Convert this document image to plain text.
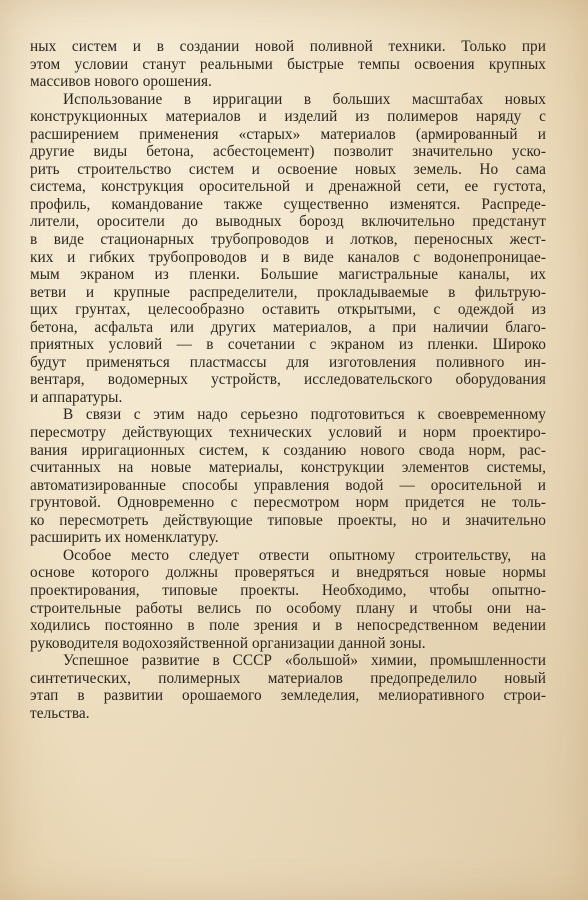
ных систем и в создании новой поливной техники. Только при
этом условии станут реальными быстрые темпы освоения крупных
массивов нового орошения.

Использование в ирригации в больших масштабах новых
конструкционных материалов и изделий из полимеров наряду с
расширением применения «старых» материалов (армированный и
другие виды бетона, асбестоцемент) позволит значительно уско-
рить строительство систем и освоение новых земель. Но сама
система, конструкция оросительной и дренажной сети, ее густота,
профиль, командование также существенно изменятся. Распреде-
лители, оросители до выводных борозд включительно предстанут
в виде стационарных трубопроводов и лотков, переносных жест-
ких и гибких трубопроводов и в виде каналов с водонепроницае-
мым экраном из пленки. Большие магистральные каналы, их
ветви и крупные распределители, прокладываемые в фильтрую-
щих грунтах, целесообразно оставить открытыми, с одеждой из
бетона, асфальта или других материалов, а при наличии благо-
приятных условий — в сочетании с экраном из пленки. Широко
будут применяться пластмассы для изготовления поливного ин-
вентаря, водомерных устройств, исследовательского оборудования
и аппаратуры.

В связи с этим надо серьезно подготовиться к своевременному
пересмотру действующих технических условий и норм проектиро-
вания ирригационных систем, к созданию нового свода норм, рас-
считанных на новые материалы, конструкции элементов системы,
автоматизированные способы управления водой — оросительной и
грунтовой. Одновременно с пересмотром норм придется не толь-
ко пересмотреть действующие типовые проекты, но и значительно
расширить их номенклатуру.

Особое место следует отвести опытному строительству, на
основе которого должны проверяться и внедряться новые нормы
проектирования, типовые проекты. Необходимо, чтобы опытно-
строительные работы велись по особому плану и чтобы они на-
ходились постоянно в поле зрения и в непосредственном ведении
руководителя водохозяйственной организации данной зоны.

Успешное развитие в СССР «большой» химии, промышленности
синтетических, полимерных материалов предопределило новый
этап в развитии орошаемого земледелия, мелиоративного строи-
тельства.
